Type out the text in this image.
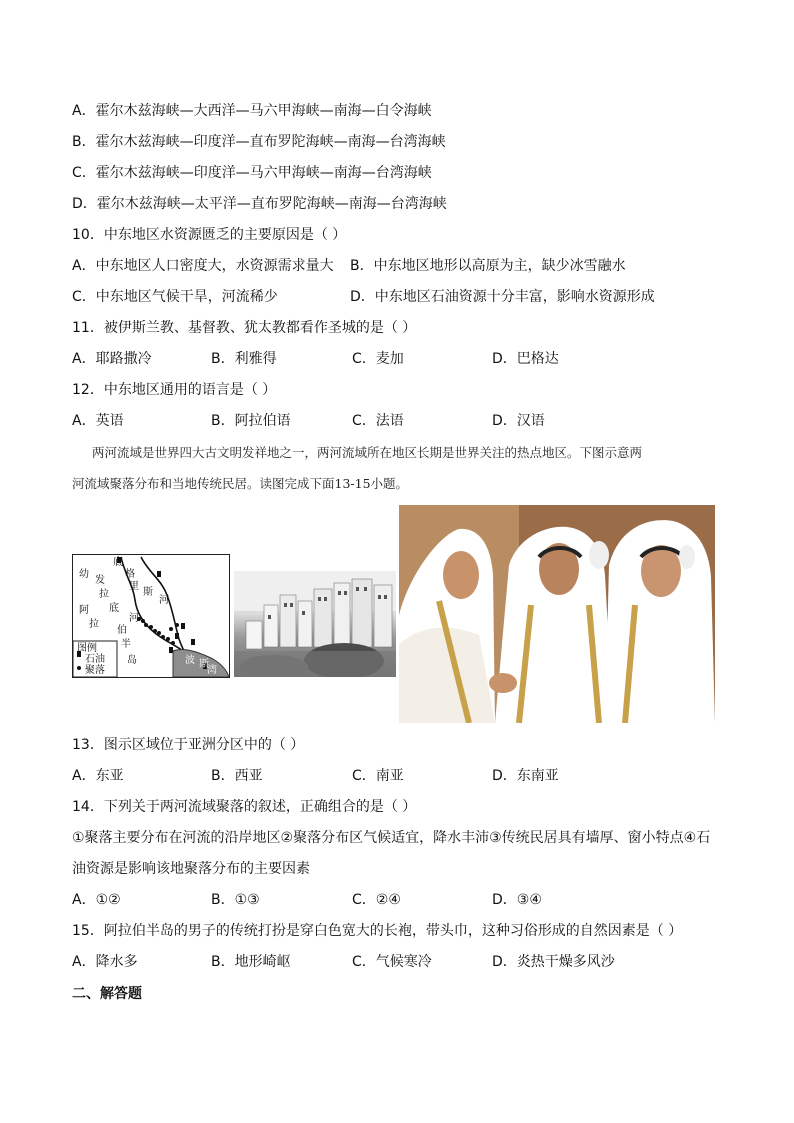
A．霍尔木兹海峡—大西洋—马六甲海峡—南海—白令海峡
B．霍尔木兹海峡—印度洋—直布罗陀海峡—南海—台湾海峡
C．霍尔木兹海峡—印度洋—马六甲海峡—南海—台湾海峡
D．霍尔木兹海峡—太平洋—直布罗陀海峡—南海—台湾海峡
10．中东地区水资源匮乏的主要原因是（ ）
A．中东地区人口密度大，水资源需求量大 B．中东地区地形以高原为主，缺少冰雪融水
C．中东地区气候干旱，河流稀少	D．中东地区石油资源十分丰富，影响水资源形成
11．被伊斯兰教、基督教、犹太教都看作圣城的是（ ）
A．耶路撒冷	B．利雅得	C．麦加	D．巴格达
12．中东地区通用的语言是（ ）
A．英语	B．阿拉伯语	C．法语	D．汉语
两河流域是世界四大古文明发祥地之一，两河流域所在地区长期是世界关注的热点地区。下图示意两
河流域聚落分布和当地传统民居。读图完成下面13-15小题。
底
格
里
斯
河
幼
发
拉
底
河
阿
拉
伯
半
岛	波 斯
湾
图例
石油
聚落
13．图示区域位于亚洲分区中的（ ）
A．东亚	B．西亚	C．南亚	D．东南亚
14．下列关于两河流域聚落的叙述，正确组合的是（ ）
①聚落主要分布在河流的沿岸地区②聚落分布区气候适宜，降水丰沛③传统民居具有墙厚、窗小特点④石
油资源是影响该地聚落分布的主要因素
A．①②	B．①③	C．②④	D．③④
15．阿拉伯半岛的男子的传统打扮是穿白色宽大的长袍，带头巾，这种习俗形成的自然因素是（ ）
A．降水多	B．地形崎岖	C．气候寒冷	D．炎热干燥多风沙
二、解答题
